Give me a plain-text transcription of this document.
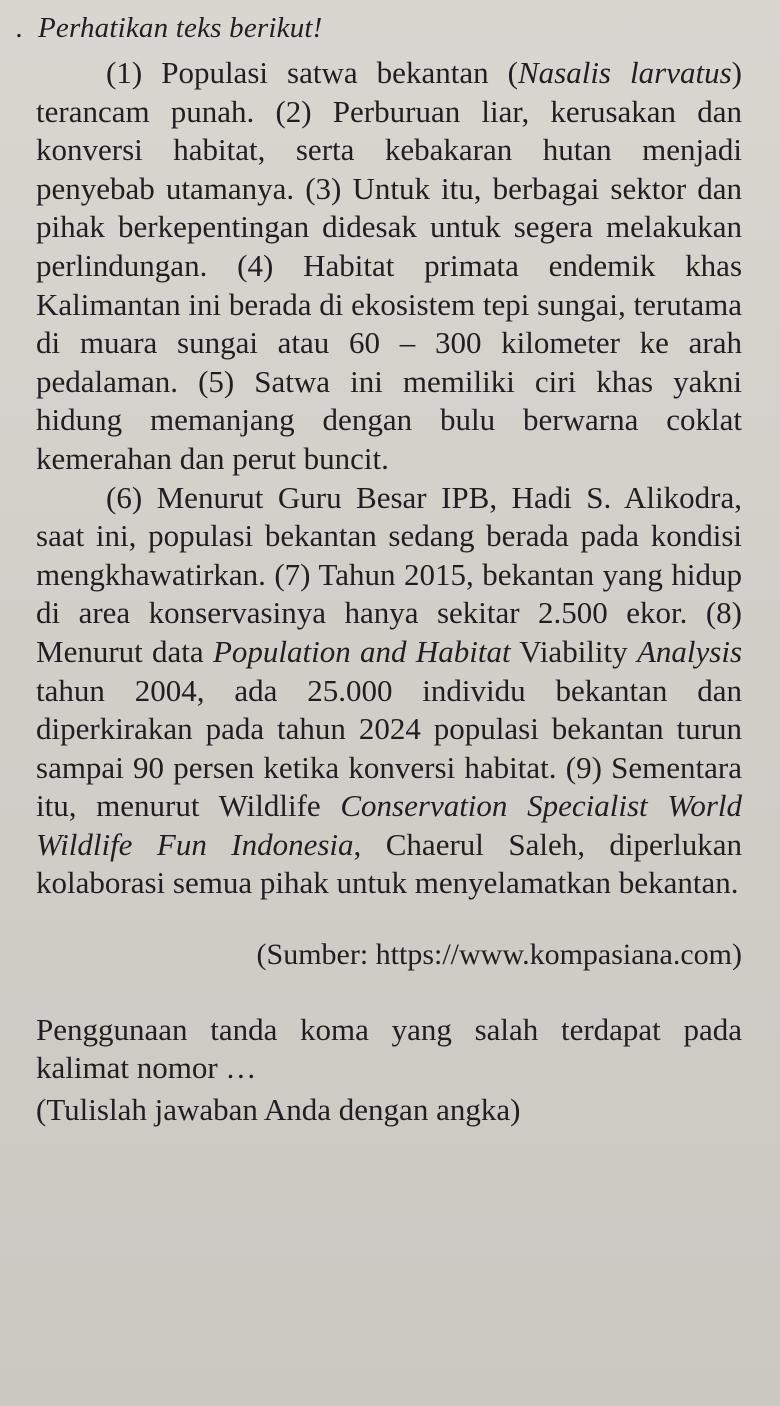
. Perhatikan teks berikut!

(1) Populasi satwa bekantan (Nasalis larvatus) terancam punah. (2) Perburuan liar, kerusakan dan konversi habitat, serta kebakaran hutan menjadi penyebab utamanya. (3) Untuk itu, berbagai sektor dan pihak berkepentingan didesak untuk segera melakukan perlindungan. (4) Habitat primata endemik khas Kalimantan ini berada di ekosistem tepi sungai, terutama di muara sungai atau 60 – 300 kilometer ke arah pedalaman. (5) Satwa ini memiliki ciri khas yakni hidung memanjang dengan bulu berwarna coklat kemerahan dan perut buncit.

(6) Menurut Guru Besar IPB, Hadi S. Alikodra, saat ini, populasi bekantan sedang berada pada kondisi mengkhawatirkan. (7) Tahun 2015, bekantan yang hidup di area konservasinya hanya sekitar 2.500 ekor. (8) Menurut data Population and Habitat Viability Analysis tahun 2004, ada 25.000 individu bekantan dan diperkirakan pada tahun 2024 populasi bekantan turun sampai 90 persen ketika konversi habitat. (9) Sementara itu, menurut Wildlife Conservation Specialist World Wildlife Fun Indonesia, Chaerul Saleh, diperlukan kolaborasi semua pihak untuk menyelamatkan bekantan.

(Sumber: https://www.kompasiana.com)
Penggunaan tanda koma yang salah terdapat pada kalimat nomor …
(Tulislah jawaban Anda dengan angka)
